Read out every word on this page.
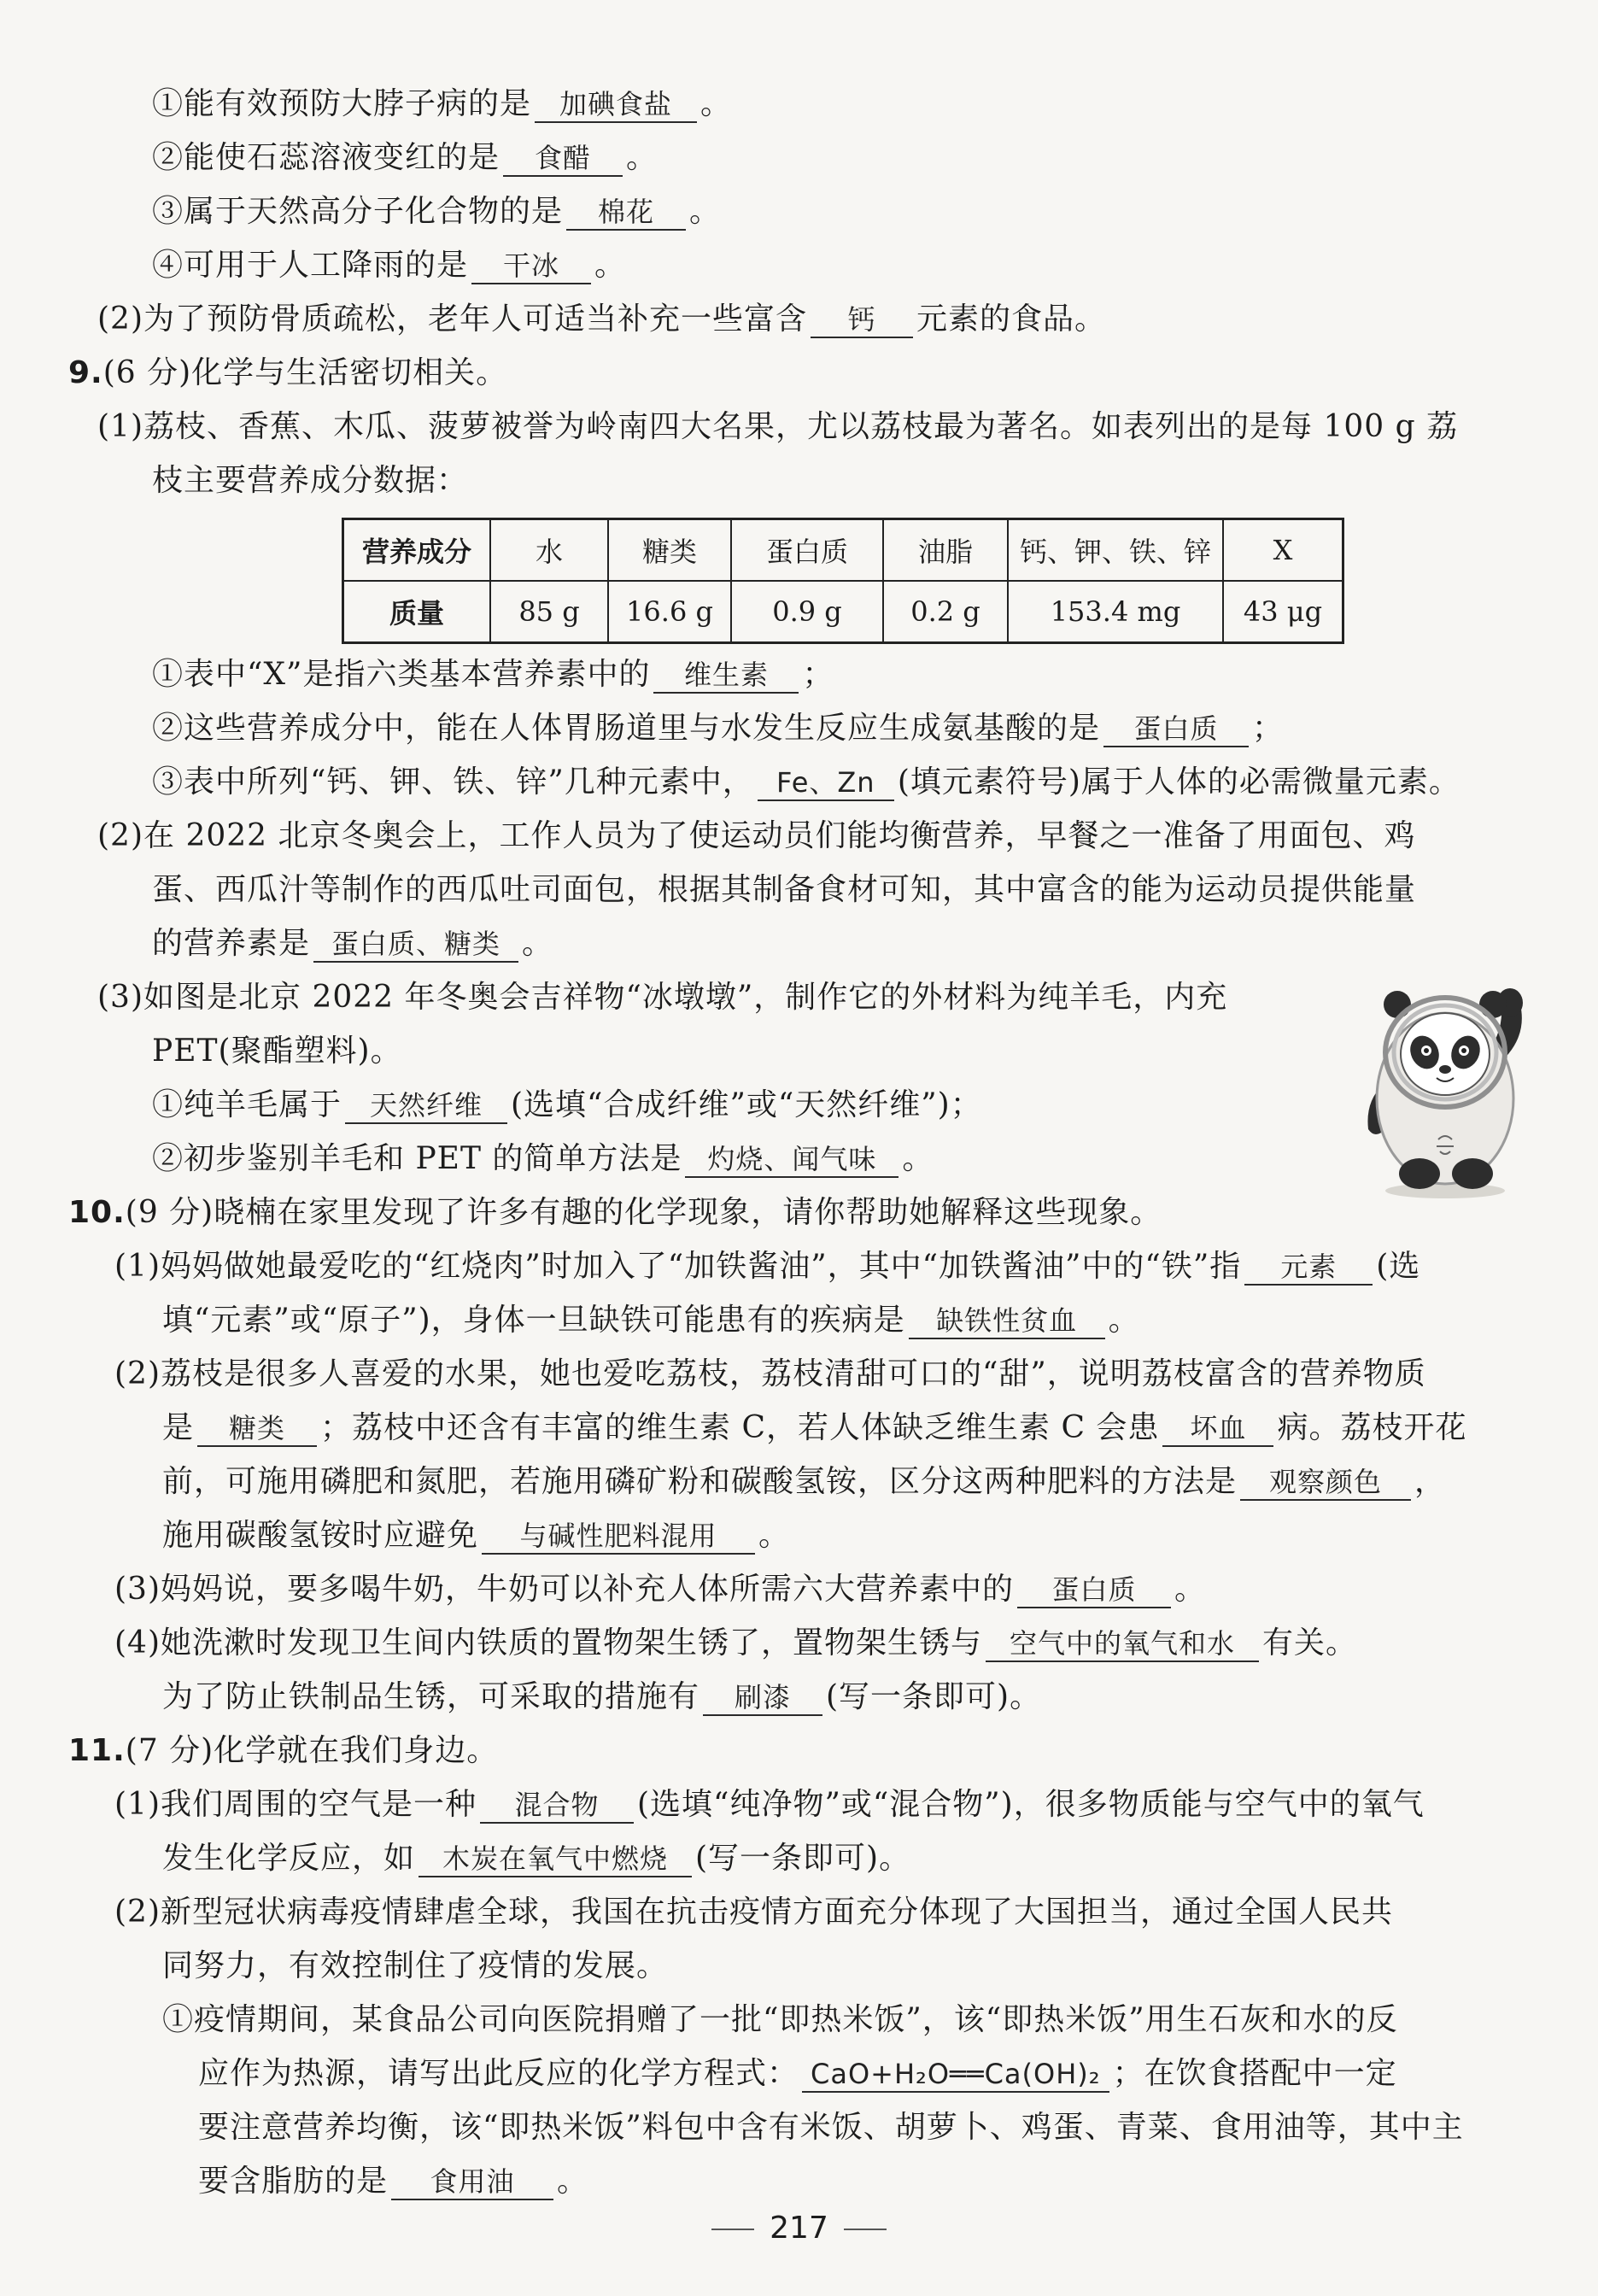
①能有效预防大脖子病的是 加碘食盐 。
②能使石蕊溶液变红的是 食醋 。
③属于天然高分子化合物的是 棉花 。
④可用于人工降雨的是 干冰 。
(2)为了预防骨质疏松，老年人可适当补充一些富含 钙 元素的食品。
9.(6 分)化学与生活密切相关。
(1)荔枝、香蕉、木瓜、菠萝被誉为岭南四大名果，尤以荔枝最为著名。如表列出的是每 100 g 荔
枝主要营养成分数据：
营养成分	水	糖类	蛋白质	油脂	钙、钾、铁、锌	X
质量	85 g	16.6 g	0.9 g	0.2 g	153.4 mg	43 μg
①表中“X”是指六类基本营养素中的 维生素 ；
②这些营养成分中，能在人体胃肠道里与水发生反应生成氨基酸的是 蛋白质 ；
③表中所列“钙、钾、铁、锌”几种元素中， Fe、Zn (填元素符号)属于人体的必需微量元素。
(2)在 2022 北京冬奥会上，工作人员为了使运动员们能均衡营养，早餐之一准备了用面包、鸡
蛋、西瓜汁等制作的西瓜吐司面包，根据其制备食材可知，其中富含的能为运动员提供能量
的营养素是 蛋白质、糖类 。
(3)如图是北京 2022 年冬奥会吉祥物“冰墩墩”，制作它的外材料为纯羊毛，内充
PET(聚酯塑料)。
①纯羊毛属于 天然纤维 (选填“合成纤维”或“天然纤维”)；
②初步鉴别羊毛和 PET 的简单方法是 灼烧、闻气味 。
10.(9 分)晓楠在家里发现了许多有趣的化学现象，请你帮助她解释这些现象。
(1)妈妈做她最爱吃的“红烧肉”时加入了“加铁酱油”，其中“加铁酱油”中的“铁”指 元素 (选
填“元素”或“原子”)，身体一旦缺铁可能患有的疾病是 缺铁性贫血 。
(2)荔枝是很多人喜爱的水果，她也爱吃荔枝，荔枝清甜可口的“甜”，说明荔枝富含的营养物质
是 糖类 ；荔枝中还含有丰富的维生素 C，若人体缺乏维生素 C 会患 坏血 病。荔枝开花
前，可施用磷肥和氮肥，若施用磷矿粉和碳酸氢铵，区分这两种肥料的方法是 观察颜色 ，
施用碳酸氢铵时应避免 与碱性肥料混用 。
(3)妈妈说，要多喝牛奶，牛奶可以补充人体所需六大营养素中的 蛋白质 。
(4)她洗漱时发现卫生间内铁质的置物架生锈了，置物架生锈与 空气中的氧气和水 有关。
为了防止铁制品生锈，可采取的措施有 刷漆 (写一条即可)。
11.(7 分)化学就在我们身边。
(1)我们周围的空气是一种 混合物 (选填“纯净物”或“混合物”)，很多物质能与空气中的氧气
发生化学反应，如 木炭在氧气中燃烧 (写一条即可)。
(2)新型冠状病毒疫情肆虐全球，我国在抗击疫情方面充分体现了大国担当，通过全国人民共
同努力，有效控制住了疫情的发展。
①疫情期间，某食品公司向医院捐赠了一批“即热米饭”，该“即热米饭”用生石灰和水的反
应作为热源，请写出此反应的化学方程式： CaO+H₂O══Ca(OH)₂ ；在饮食搭配中一定
要注意营养均衡，该“即热米饭”料包中含有米饭、胡萝卜、鸡蛋、青菜、食用油等，其中主
要含脂肪的是 食用油 。
217
